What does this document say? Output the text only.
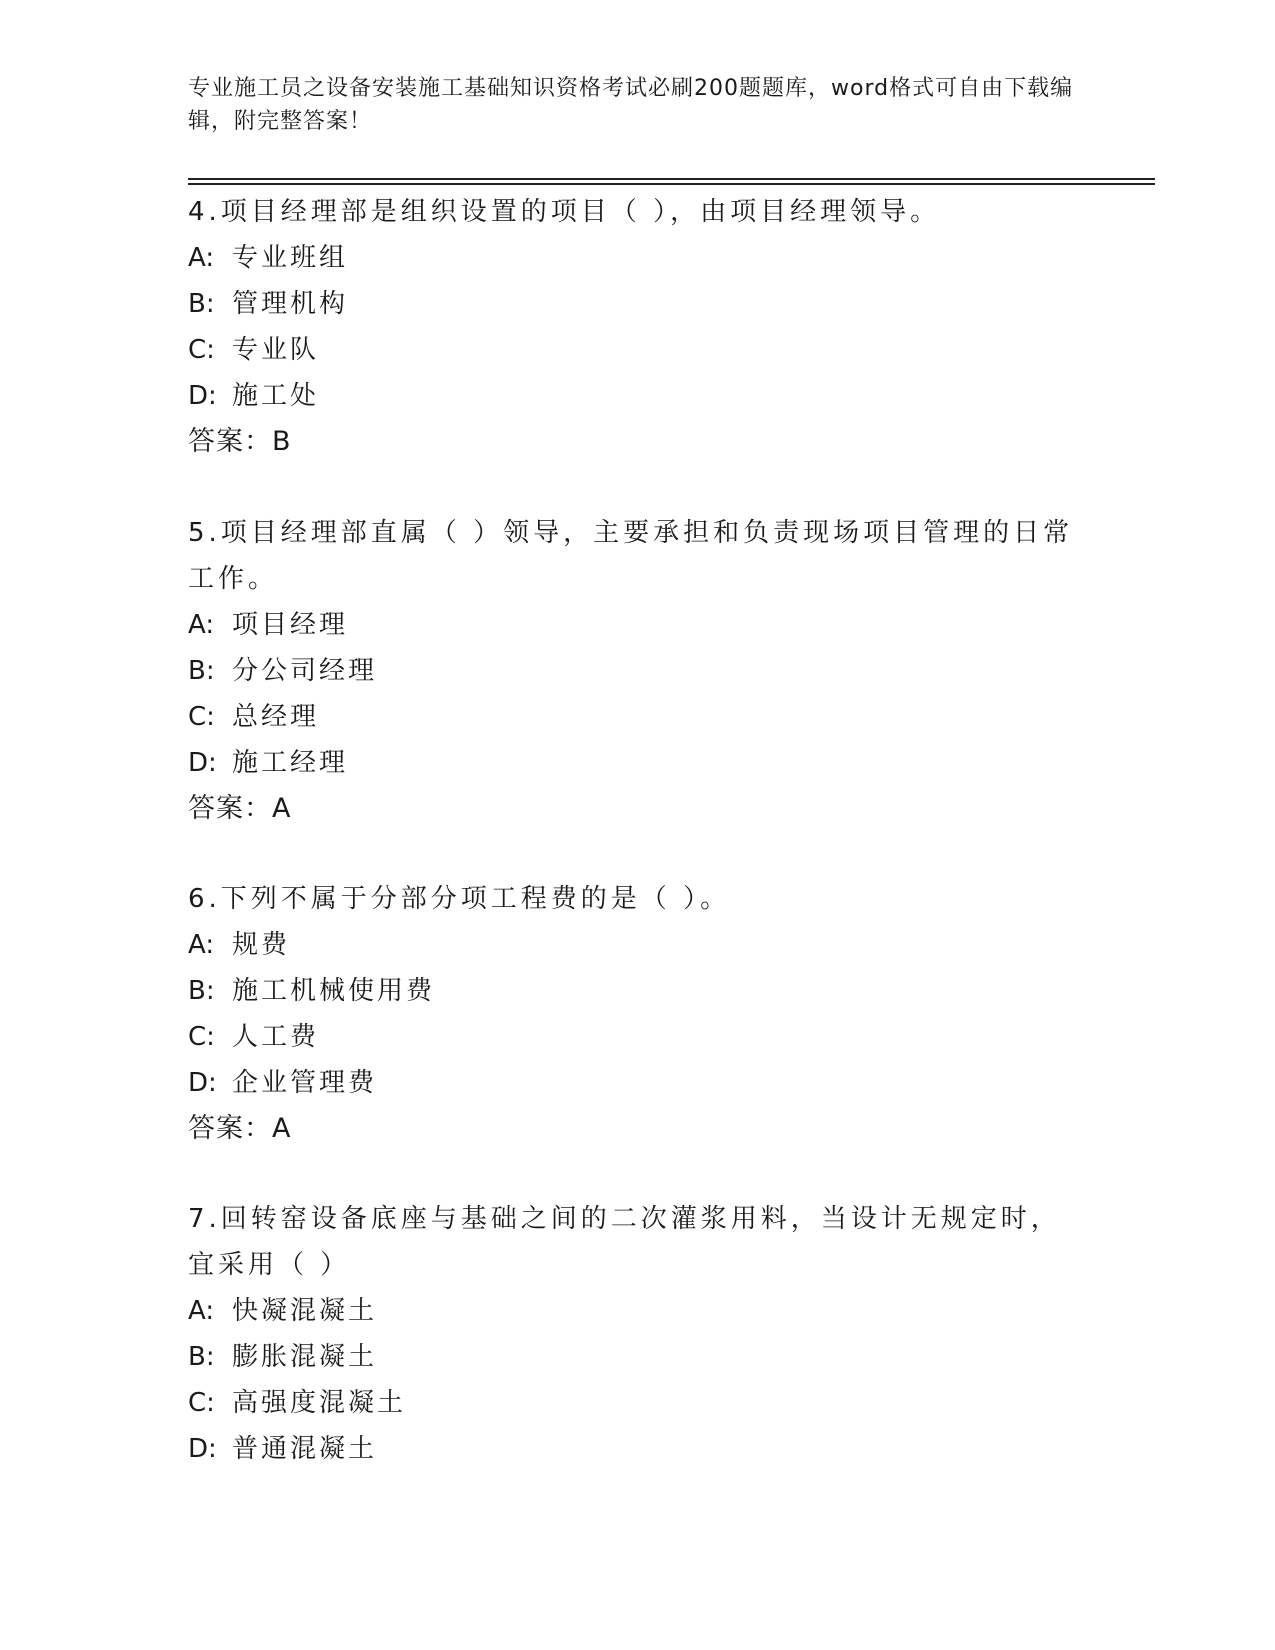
专业施工员之设备安装施工基础知识资格考试必刷200题题库，word格式可自由下载编辑，附完整答案！

4.项目经理部是组织设置的项目（ ），由项目经理领导。

A: 专业班组
B: 管理机构
C: 专业队
D: 施工处
答案：B

5.项目经理部直属（ ）领导，主要承担和负责现场项目管理的日常工作。

A: 项目经理
B: 分公司经理
C: 总经理
D: 施工经理
答案：A

6.下列不属于分部分项工程费的是（ ）。

A: 规费
B: 施工机械使用费
C: 人工费
D: 企业管理费
答案：A

7.回转窑设备底座与基础之间的二次灌浆用料，当设计无规定时，宜采用（ ）

A: 快凝混凝土
B: 膨胀混凝土
C: 高强度混凝土
D: 普通混凝土
